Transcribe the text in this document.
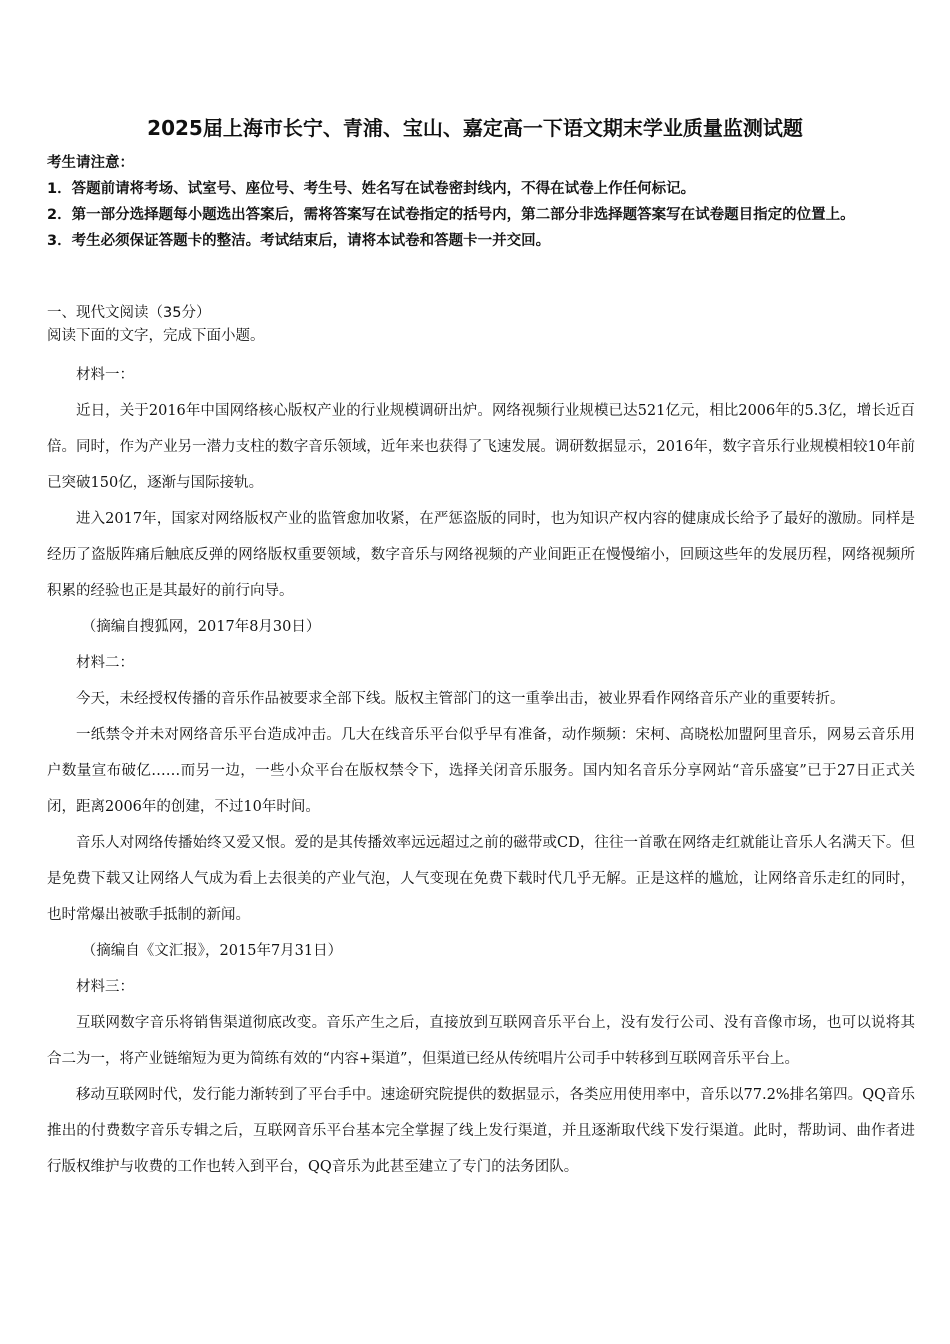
2025届上海市长宁、青浦、宝山、嘉定高一下语文期末学业质量监测试题

考生请注意：

1．答题前请将考场、试室号、座位号、考生号、姓名写在试卷密封线内，不得在试卷上作任何标记。

2．第一部分选择题每小题选出答案后，需将答案写在试卷指定的括号内，第二部分非选择题答案写在试卷题目指定的位置上。

3．考生必须保证答题卡的整洁。考试结束后，请将本试卷和答题卡一并交回。

一、现代文阅读（35分）

阅读下面的文字，完成下面小题。

材料一：

近日，关于2016年中国网络核心版权产业的行业规模调研出炉。网络视频行业规模已达521亿元，相比2006年的5.3亿，增长近百倍。同时，作为产业另一潜力支柱的数字音乐领域，近年来也获得了飞速发展。调研数据显示，2016年，数字音乐行业规模相较10年前已突破150亿，逐渐与国际接轨。

进入2017年，国家对网络版权产业的监管愈加收紧，在严惩盗版的同时，也为知识产权内容的健康成长给予了最好的激励。同样是经历了盗版阵痛后触底反弹的网络版权重要领域，数字音乐与网络视频的产业间距正在慢慢缩小，回顾这些年的发展历程，网络视频所积累的经验也正是其最好的前行向导。

（摘编自搜狐网，2017年8月30日）

材料二：

今天，未经授权传播的音乐作品被要求全部下线。版权主管部门的这一重拳出击，被业界看作网络音乐产业的重要转折。

一纸禁令并未对网络音乐平台造成冲击。几大在线音乐平台似乎早有准备，动作频频：宋柯、高晓松加盟阿里音乐，网易云音乐用户数量宣布破亿……而另一边，一些小众平台在版权禁令下，选择关闭音乐服务。国内知名音乐分享网站“音乐盛宴”已于27日正式关闭，距离2006年的创建，不过10年时间。

音乐人对网络传播始终又爱又恨。爱的是其传播效率远远超过之前的磁带或CD，往往一首歌在网络走红就能让音乐人名满天下。但是免费下载又让网络人气成为看上去很美的产业气泡，人气变现在免费下载时代几乎无解。正是这样的尴尬，让网络音乐走红的同时，也时常爆出被歌手抵制的新闻。

（摘编自《文汇报》，2015年7月31日）

材料三：

互联网数字音乐将销售渠道彻底改变。音乐产生之后，直接放到互联网音乐平台上，没有发行公司、没有音像市场，也可以说将其合二为一，将产业链缩短为更为简练有效的“内容+渠道”，但渠道已经从传统唱片公司手中转移到互联网音乐平台上。

移动互联网时代，发行能力渐转到了平台手中。速途研究院提供的数据显示，各类应用使用率中，音乐以77.2%排名第四。QQ音乐推出的付费数字音乐专辑之后，互联网音乐平台基本完全掌握了线上发行渠道，并且逐渐取代线下发行渠道。此时，帮助词、曲作者进行版权维护与收费的工作也转入到平台，QQ音乐为此甚至建立了专门的法务团队。
